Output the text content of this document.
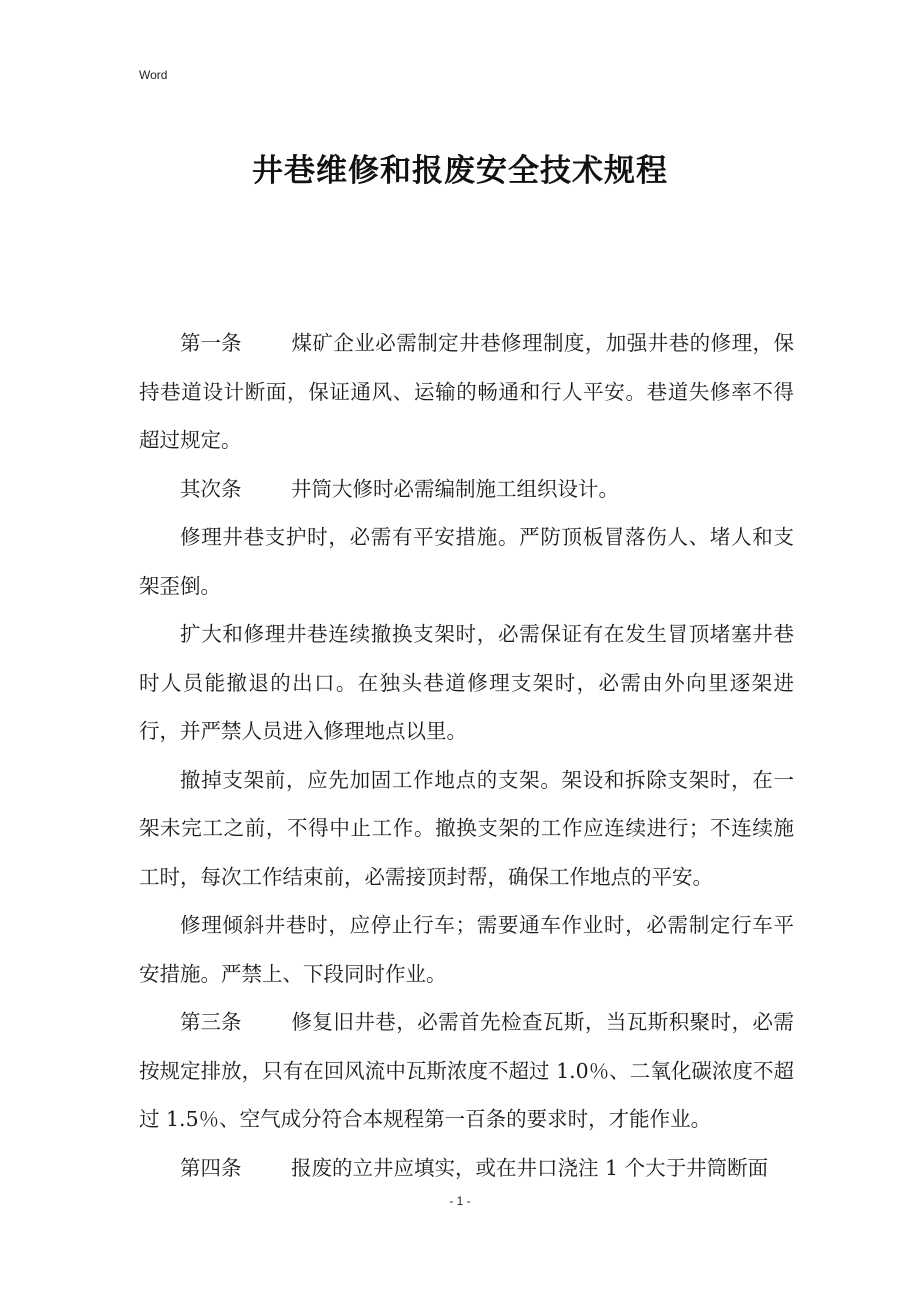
Word
井巷维修和报废安全技术规程

第一条 煤矿企业必需制定井巷修理制度，加强井巷的修理，保持巷道设计断面，保证通风、运输的畅通和行人平安。巷道失修率不得超过规定。

其次条 井筒大修时必需编制施工组织设计。

修理井巷支护时，必需有平安措施。严防顶板冒落伤人、堵人和支架歪倒。

扩大和修理井巷连续撤换支架时，必需保证有在发生冒顶堵塞井巷时人员能撤退的出口。在独头巷道修理支架时，必需由外向里逐架进行，并严禁人员进入修理地点以里。

撤掉支架前，应先加固工作地点的支架。架设和拆除支架时，在一架未完工之前，不得中止工作。撤换支架的工作应连续进行；不连续施工时，每次工作结束前，必需接顶封帮，确保工作地点的平安。

修理倾斜井巷时，应停止行车；需要通车作业时，必需制定行车平安措施。严禁上、下段同时作业。

第三条 修复旧井巷，必需首先检查瓦斯，当瓦斯积聚时，必需按规定排放，只有在回风流中瓦斯浓度不超过 1.0％、二氧化碳浓度不超过 1.5％、空气成分符合本规程第一百条的要求时，才能作业。

第四条 报废的立井应填实，或在井口浇注 1 个大于井筒断面

- 1 -
